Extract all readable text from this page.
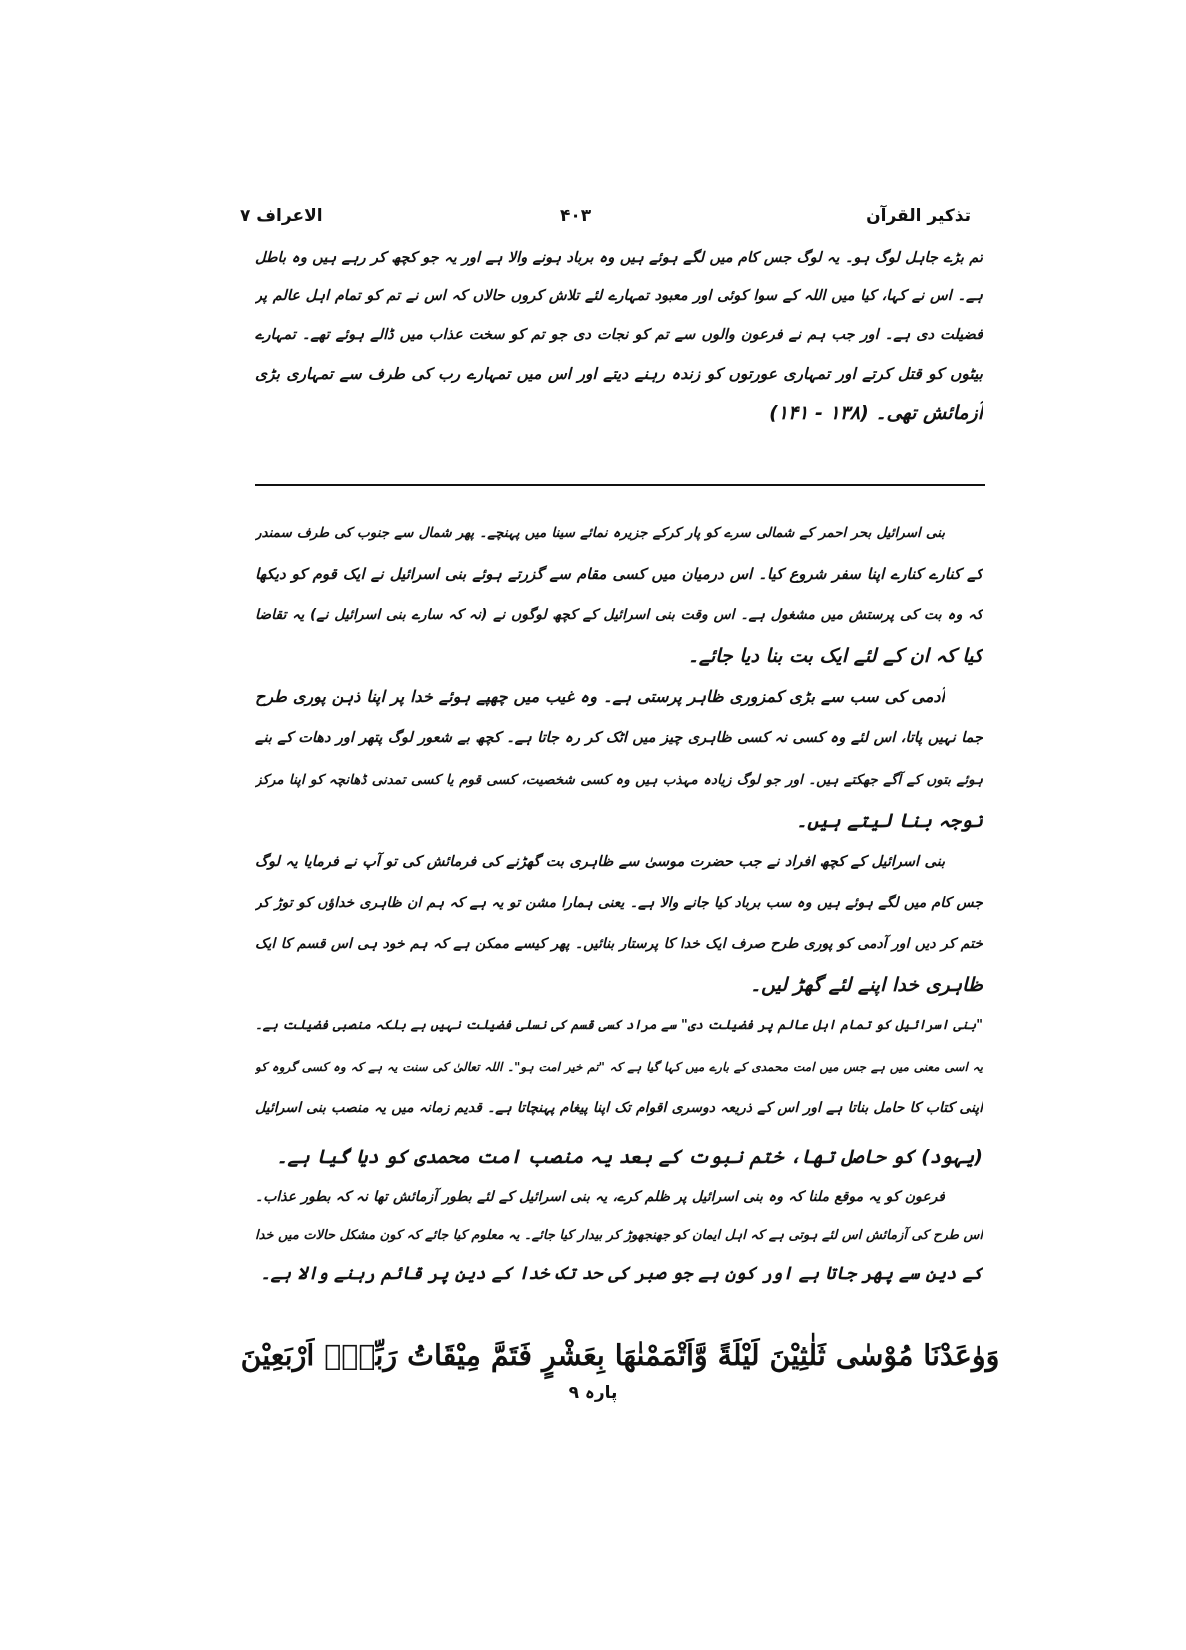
تذکیر القرآن
۴۰۳
الاعراف ۷
تم بڑے جاہل لوگ ہو۔ یہ لوگ جس کام میں لگے ہوئے ہیں وہ برباد ہونے والا ہے اور یہ جو کچھ کر رہے ہیں وہ باطل
ہے۔ اس نے کہا، کیا میں اللہ کے سوا کوئی اور معبود تمہارے لئے تلاش کروں حالاں کہ اس نے تم کو تمام اہل عالم پر
فضیلت دی ہے۔ اور جب ہم نے فرعون والوں سے تم کو نجات دی جو تم کو سخت عذاب میں ڈالے ہوئے تھے۔ تمہارے
بیٹوں کو قتل کرتے اور تمہاری عورتوں کو زندہ رہنے دیتے اور اس میں تمہارے رب کی طرف سے تمہاری بڑی
آزمائش تھی۔ (۱۳۸ - ۱۴۱)
بنی اسرائیل بحر احمر کے شمالی سرے کو پار کرکے جزیرہ نمائے سینا میں پہنچے۔ پھر شمال سے جنوب کی طرف سمندر
کے کنارے کنارے اپنا سفر شروع کیا۔ اس درمیان میں کسی مقام سے گزرتے ہوئے بنی اسرائیل نے ایک قوم کو دیکھا
کہ وہ بت کی پرستش میں مشغول ہے۔ اس وقت بنی اسرائیل کے کچھ لوگوں نے (نہ کہ سارے بنی اسرائیل نے) یہ تقاضا
کیا کہ ان کے لئے ایک بت بنا دیا جائے۔
آدمی کی سب سے بڑی کمزوری ظاہر پرستی ہے۔ وہ غیب میں چھپے ہوئے خدا پر اپنا ذہن پوری طرح
جما نہیں پاتا، اس لئے وہ کسی نہ کسی ظاہری چیز میں اٹک کر رہ جاتا ہے۔ کچھ بے شعور لوگ پتھر اور دھات کے بنے
ہوئے بتوں کے آگے جھکتے ہیں۔ اور جو لوگ زیادہ مہذب ہیں وہ کسی شخصیت، کسی قوم یا کسی تمدنی ڈھانچہ کو اپنا مرکز
توجہ بنا لیتے ہیں۔
بنی اسرائیل کے کچھ افراد نے جب حضرت موسیٰ سے ظاہری بت گھڑنے کی فرمائش کی تو آپ نے فرمایا یہ لوگ
جس کام میں لگے ہوئے ہیں وہ سب برباد کیا جانے والا ہے۔ یعنی ہمارا مشن تو یہ ہے کہ ہم ان ظاہری خداؤں کو توڑ کر
ختم کر دیں اور آدمی کو پوری طرح صرف ایک خدا کا پرستار بنائیں۔ پھر کیسے ممکن ہے کہ ہم خود ہی اس قسم کا ایک
ظاہری خدا اپنے لئے گھڑ لیں۔
"بنی اسرائیل کو تمام اہل عالم پر فضیلت دی" سے مراد کسی قسم کی نسلی فضیلت نہیں ہے بلکہ منصبی فضیلت ہے۔
یہ اسی معنی میں ہے جس میں امت محمدی کے بارے میں کہا گیا ہے کہ "تم خیر امت ہو"۔ اللہ تعالیٰ کی سنت یہ ہے کہ وہ کسی گروہ کو
اپنی کتاب کا حامل بناتا ہے اور اس کے ذریعہ دوسری اقوام تک اپنا پیغام پہنچاتا ہے۔ قدیم زمانہ میں یہ منصب بنی اسرائیل
(یہود) کو حاصل تھا، ختم نبوت کے بعد یہ منصب امت محمدی کو دیا گیا ہے۔
فرعون کو یہ موقع ملنا کہ وہ بنی اسرائیل پر ظلم کرے، یہ بنی اسرائیل کے لئے بطور آزمائش تھا نہ کہ بطور عذاب۔
اس طرح کی آزمائش اس لئے ہوتی ہے کہ اہل ایمان کو جھنجھوڑ کر بیدار کیا جائے۔ یہ معلوم کیا جائے کہ کون مشکل حالات میں خدا
کے دین سے پھر جاتا ہے اور کون ہے جو صبر کی حد تک خدا کے دین پر قائم رہنے والا ہے۔
وَوٰعَدْنَا مُوْسٰى ثَلٰثِيْنَ لَيْلَةً وَّاَتْمَمْنٰهَا بِعَشْرٍ فَتَمَّ مِيْقَاتُ رَبِّهٖٓ اَرْبَعِيْنَ
پارہ ۹
